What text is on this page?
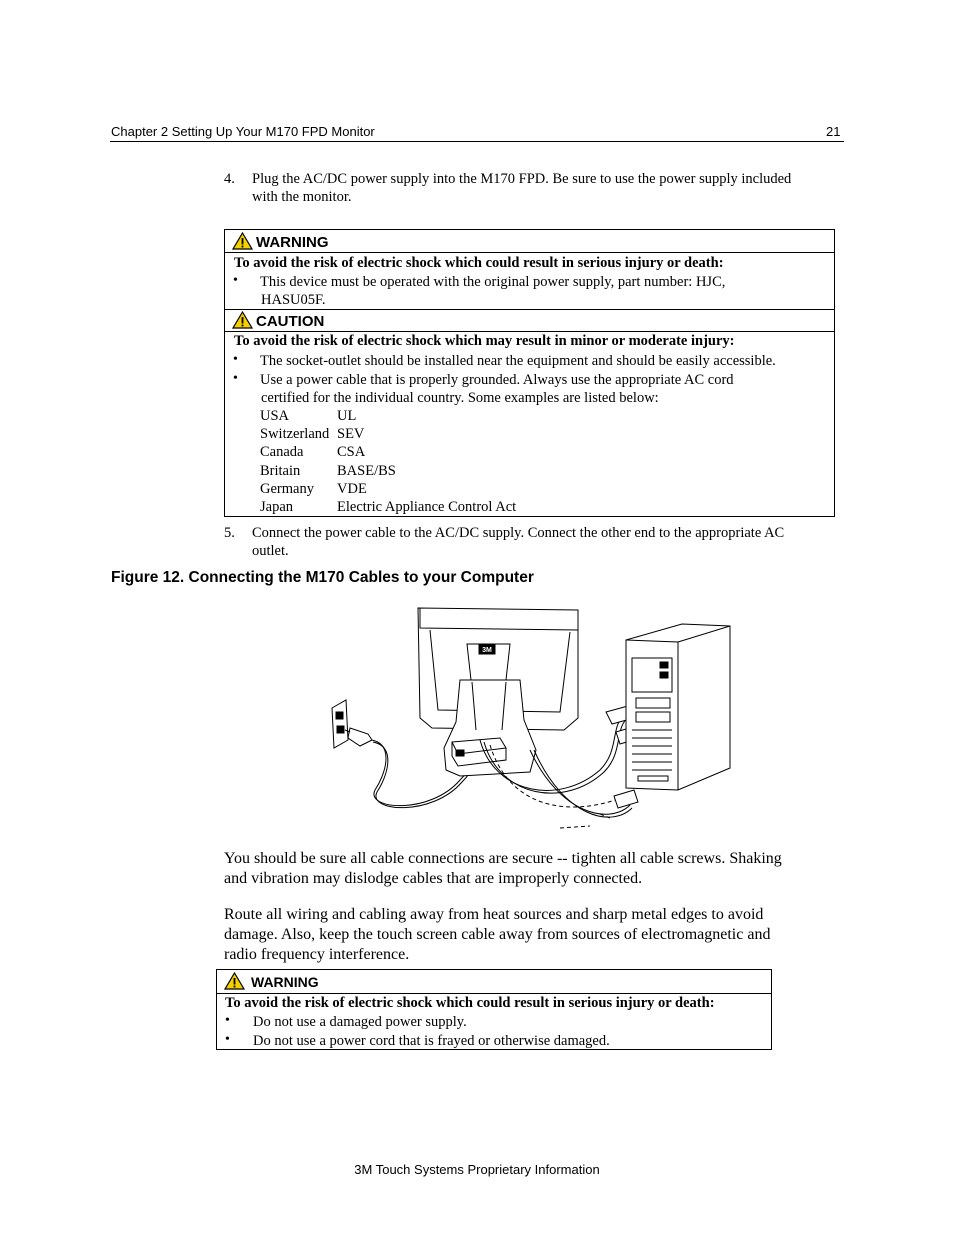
Chapter 2 Setting Up Your M170 FPD Monitor	21
4. Plug the AC/DC power supply into the M170 FPD. Be sure to use the power supply included
with the monitor.
WARNING
To avoid the risk of electric shock which could result in serious injury or death:
• This device must be operated with the original power supply, part number: HJC,
HASU05F.
CAUTION
To avoid the risk of electric shock which may result in minor or moderate injury:
• The socket-outlet should be installed near the equipment and should be easily accessible.
• Use a power cable that is properly grounded. Always use the appropriate AC cord
certified for the individual country. Some examples are listed below:
USA	UL
Switzerland SEV
Canada CSA
Britain	BASE/BS
Germany VDE
Japan	Electric Appliance Control Act
5. Connect the power cable to the AC/DC supply. Connect the other end to the appropriate AC
outlet.
Figure 12. Connecting the M170 Cables to your Computer
3M
You should be sure all cable connections are secure -- tighten all cable screws. Shaking
and vibration may dislodge cables that are improperly connected.
Route all wiring and cabling away from heat sources and sharp metal edges to avoid
damage. Also, keep the touch screen cable away from sources of electromagnetic and
radio frequency interference.
WARNING
To avoid the risk of electric shock which could result in serious injury or death:
• Do not use a damaged power supply.
• Do not use a power cord that is frayed or otherwise damaged.
3M Touch Systems Proprietary Information
